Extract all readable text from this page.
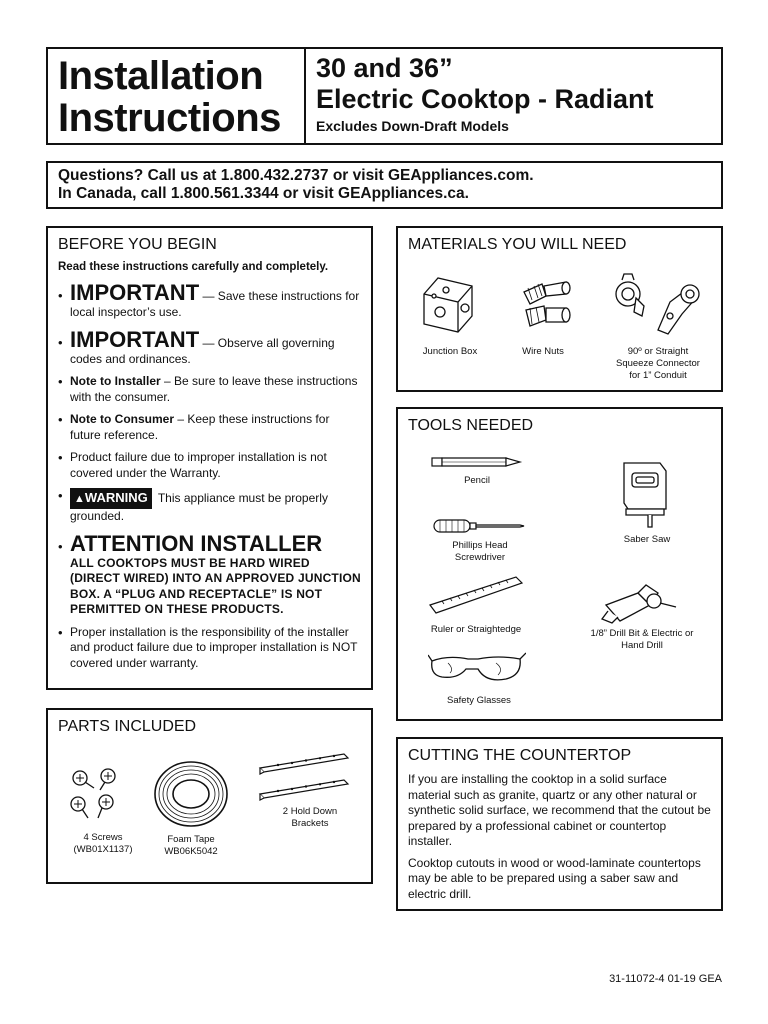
Installation
Instructions
30 and 36”
Electric Cooktop - Radiant
Excludes Down-Draft Models
Questions? Call us at 1.800.432.2737 or visit GEAppliances.com.
In Canada, call 1.800.561.3344 or visit GEAppliances.ca.
BEFORE YOU BEGIN
Read these instructions carefully and completely.
• IMPORTANT — Save these instructions for local inspector’s use.
• IMPORTANT — Observe all governing codes and ordinances.
• Note to Installer – Be sure to leave these instructions with the consumer.
• Note to Consumer – Keep these instructions for future reference.
• Product failure due to improper installation is not covered under the Warranty.
• ▲WARNING This appliance must be properly grounded.
• ATTENTION INSTALLER
ALL COOKTOPS MUST BE HARD WIRED (DIRECT WIRED) INTO AN APPROVED JUNCTION BOX. A “PLUG AND RECEPTACLE” IS NOT PERMITTED ON THESE PRODUCTS.
• Proper installation is the responsibility of the installer and product failure due to improper installation is NOT covered under warranty.
PARTS INCLUDED
4 Screws
(WB01X1137)
Foam Tape
WB06K5042
2 Hold Down
Brackets
MATERIALS YOU WILL NEED
Junction Box	Wire Nuts	90º or Straight
Squeeze Connector
for 1” Conduit
TOOLS NEEDED
Pencil
Phillips Head
Screwdriver
Saber Saw
Ruler or Straightedge	1/8” Drill Bit & Electric or
Hand Drill
Safety Glasses
CUTTING THE COUNTERTOP

If you are installing the cooktop in a solid surface material such as granite, quartz or any other natural or synthetic solid surface, we recommend that the cutout be prepared by a professional cabinet or countertop installer.

Cooktop cutouts in wood or wood-laminate countertops may be able to be prepared using a saber saw and electric drill.

31-11072-4 01-19 GEA
